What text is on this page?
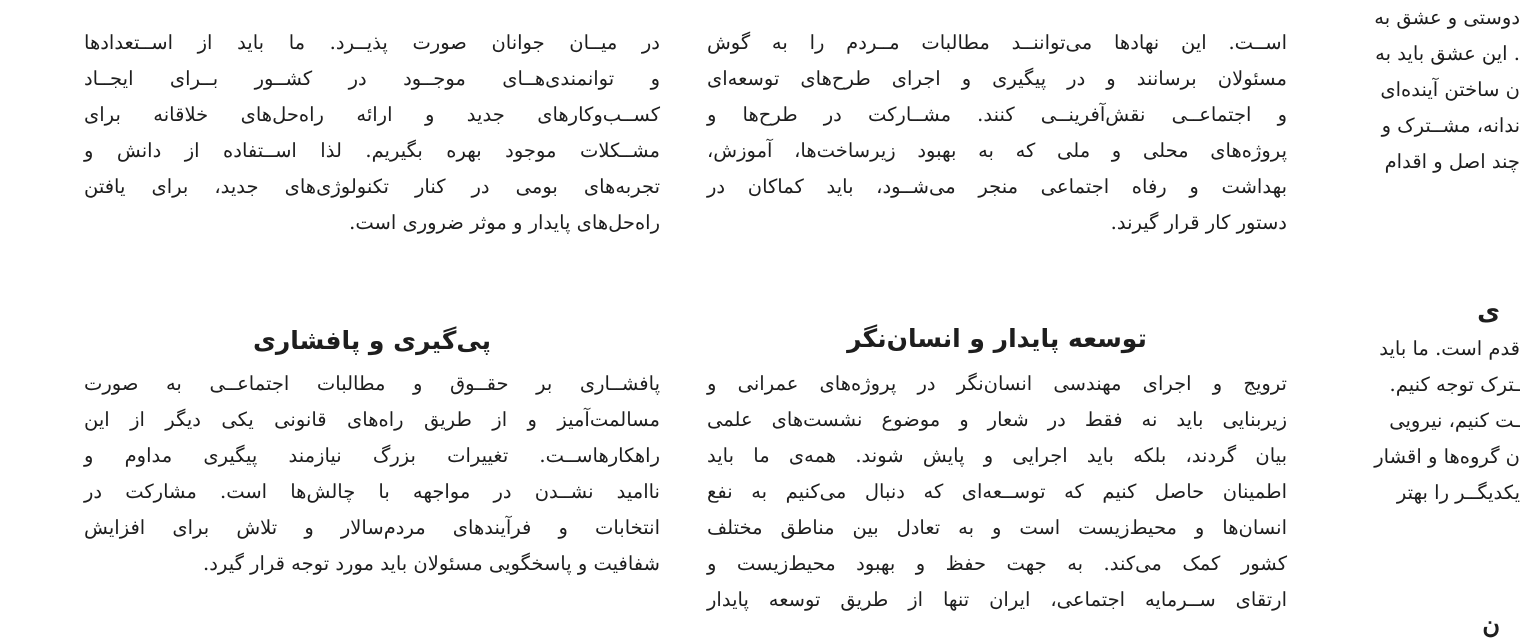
در میــان جوانان صورت پذیــرد. ما باید از اســتعدادها
و توانمندی‌هــای موجــود در کشــور بــرای ایجــاد
کســب‌وکارهای جدید و ارائه راه‌حل‌های خلاقانه برای
مشــکلات موجود بهره بگیریم. لذا اســتفاده از دانش و
تجربه‌های بومی در کنار تکنولوژی‌های جدید، برای یافتن
راه‌حل‌های پایدار و موثر ضروری است.
پی‌گیری و پافشاری
پافشــاری بر حقــوق و مطالبات اجتماعــی به صورت
مسالمت‌آمیز و از طریق راه‌های قانونی یکی دیگر از این
راهکارهاســت. تغییرات بزرگ نیازمند پیگیری مداوم و
ناامید نشــدن در مواجهه با چالش‌ها است. مشارکت در
انتخابات و فرآیندهای مردم‌سالار و تلاش برای افزایش
شفافیت و پاسخگویی مسئولان باید مورد توجه قرار گیرد.
اســت. این نهادها می‌تواننــد مطالبات مــردم را به گوش
مسئولان برسانند و در پیگیری و اجرای طرح‌های توسعه‌ای
و اجتماعــی نقش‌آفرینــی کنند. مشــارکت در طرح‌ها و
پروژه‌های محلی و ملی که به بهبود زیرساخت‌ها، آموزش،
بهداشت و رفاه اجتماعی منجر می‌شــود، باید کماکان در
دستور کار قرار گیرند.
توسعه پایدار و انسان‌نگر
ترویج و اجرای مهندسی انسان‌نگر در پروژه‌های عمرانی و
زیربنایی باید نه فقط در شعار و موضوع نشست‌های علمی
بیان گردند، بلکه باید اجرایی و پایش شوند. همه‌ی ما باید
اطمینان حاصل کنیم که توســعه‌ای که دنبال می‌کنیم به نفع
انسان‌ها و محیط‌زیست است و به تعادل بین مناطق مختلف
کشور کمک می‌کند. به جهت حفظ و بهبود محیط‌زیست و
ارتقای ســرمایه اجتماعی، ایران تنها از طریق توسعه پایدار
دوستی و عشق به
. این عشق باید به
ن ساختن آینده‌ای
ندانه، مشــترک و
چند اصل و اقدام
ی
قدم است. ما باید
ـترک توجه کنیم.
ـت کنیم، نیرویی
ن گروه‌ها و اقشار
یکدیگــر را بهتر
ن
